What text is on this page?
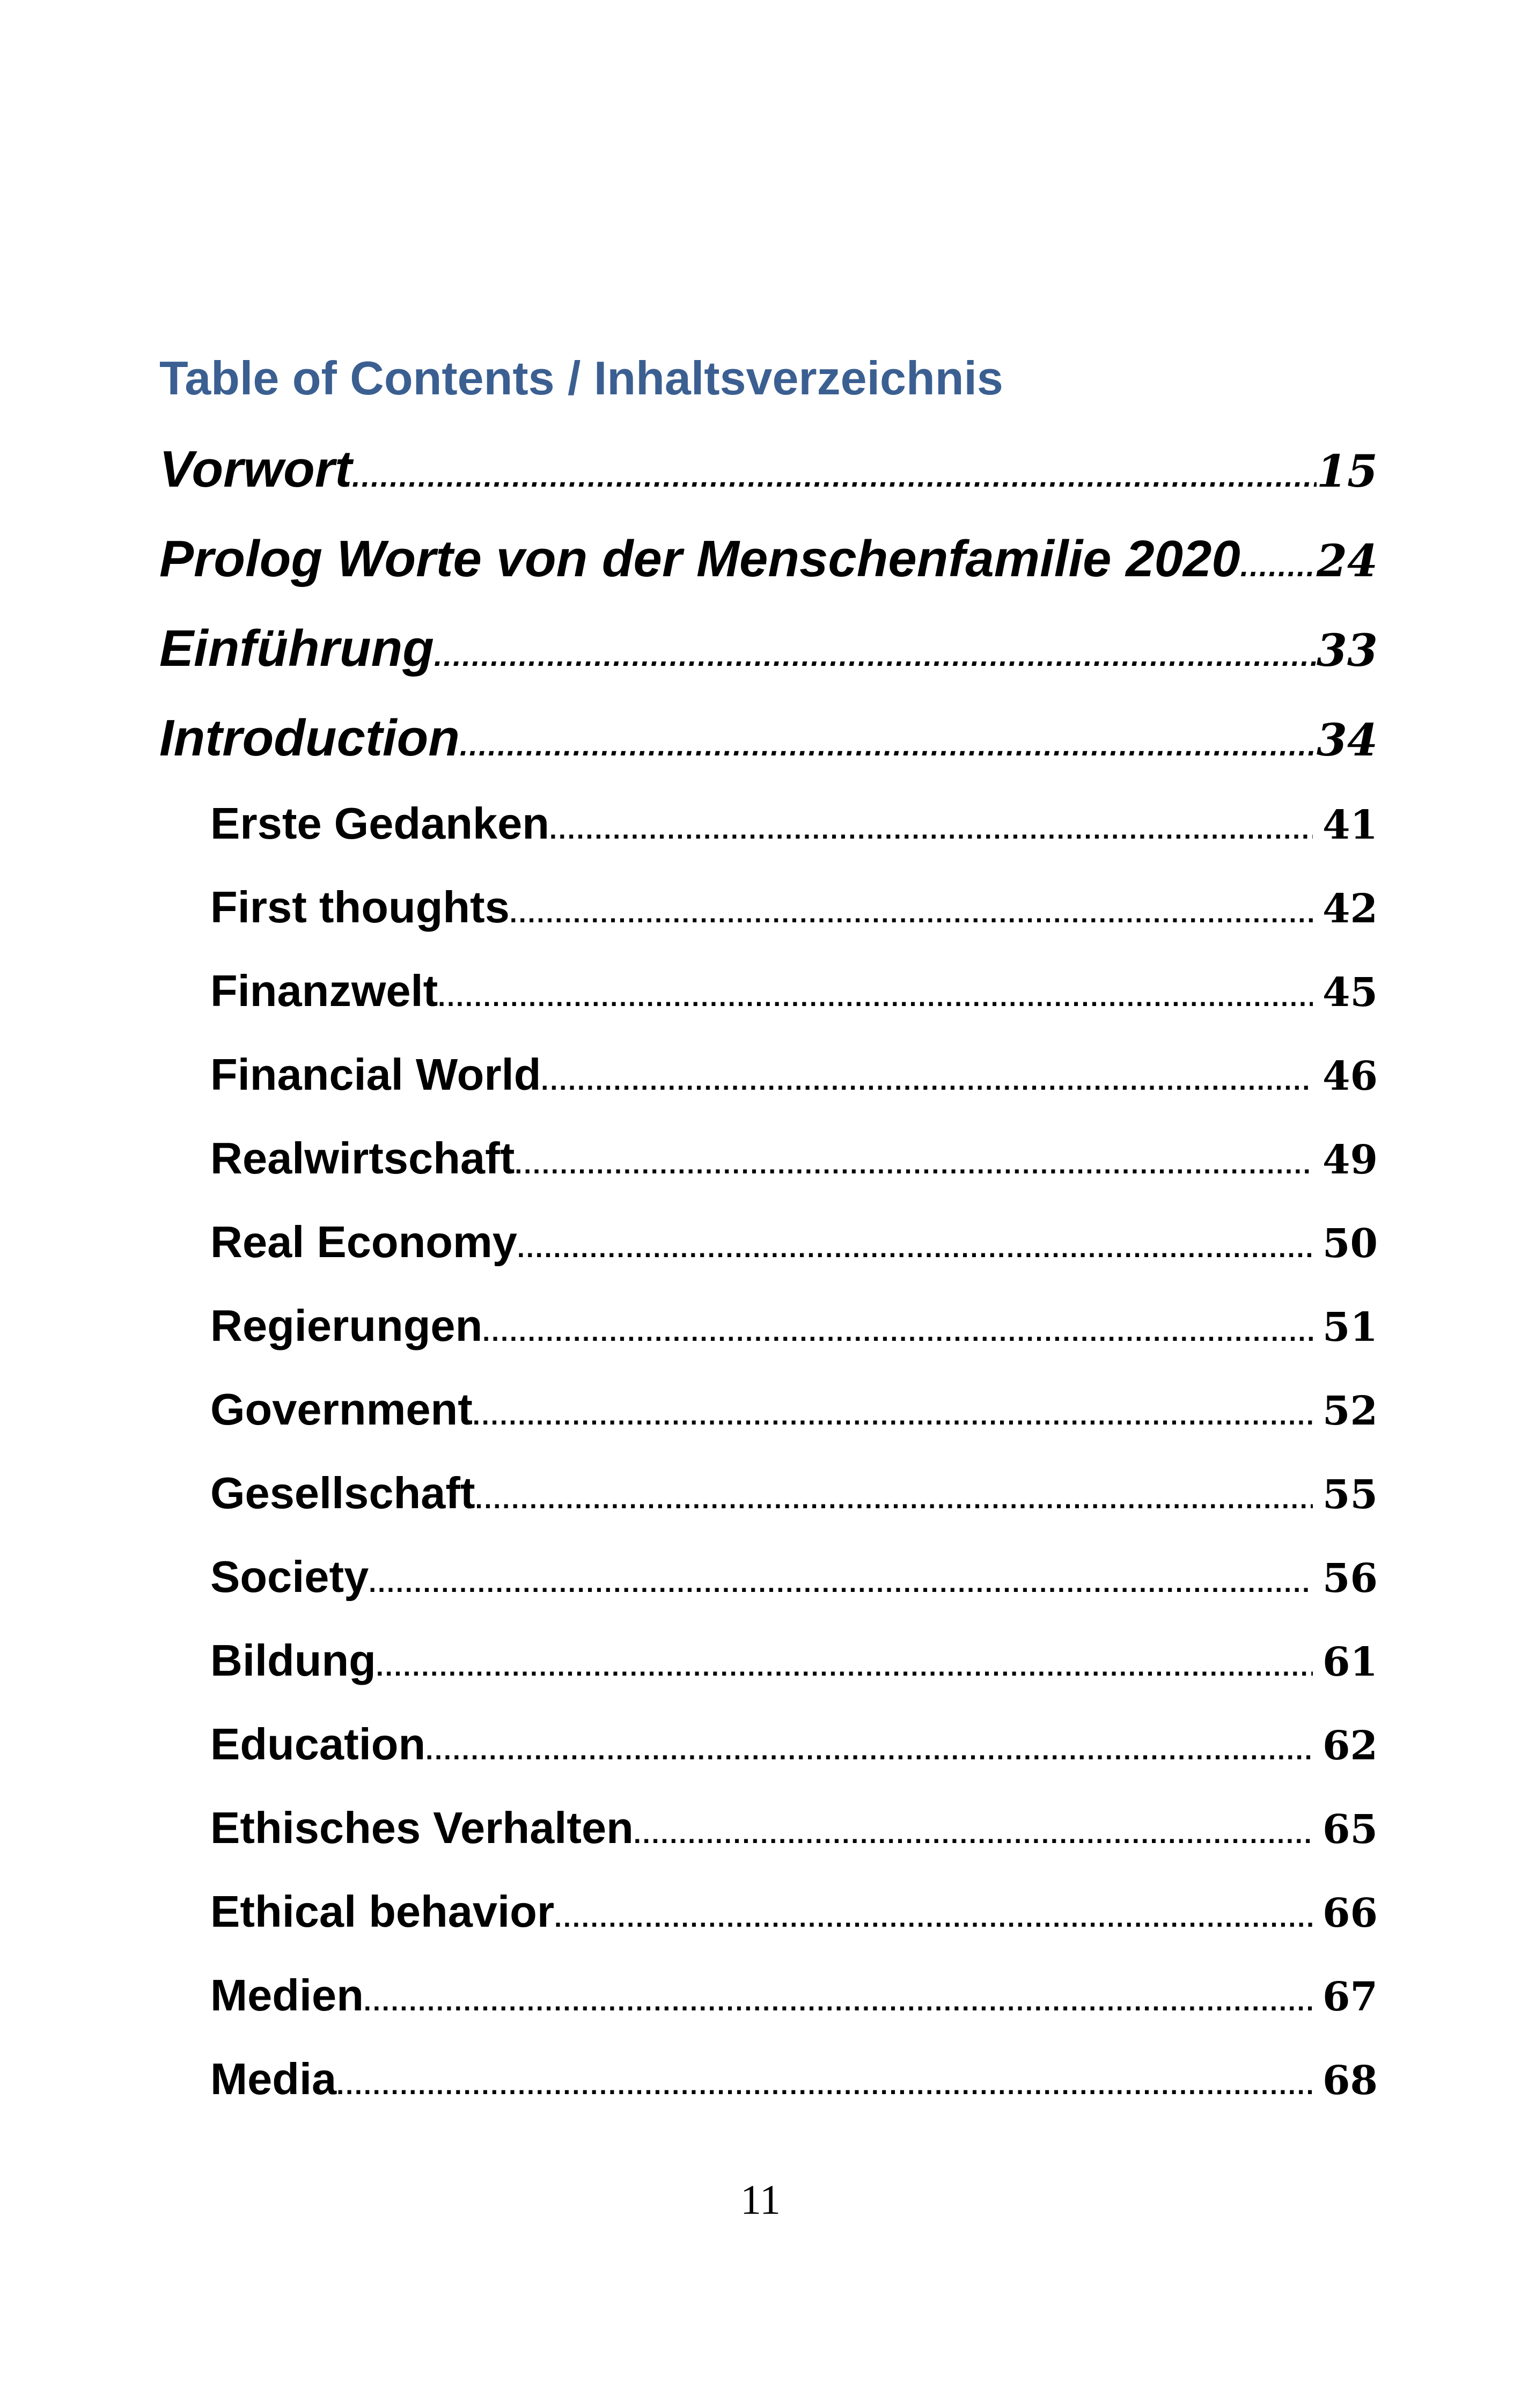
Table of Contents / Inhaltsverzeichnis
Vorwort .....	15
Prolog Worte von der Menschenfamilie 2020 ..... 24
Einführung .....	33
Introduction .....	34
Erste Gedanken .....	41
First thoughts .....	42
Finanzwelt .....	45
Financial World .....	46
Realwirtschaft .....	49
Real Economy .....	50
Regierungen .....	51
Government .....	52
Gesellschaft .....	55
Society .....	56
Bildung .....	61
Education .....	62
Ethisches Verhalten .....	65
Ethical behavior .....	66
Medien .....	67
Media .....	68
11
